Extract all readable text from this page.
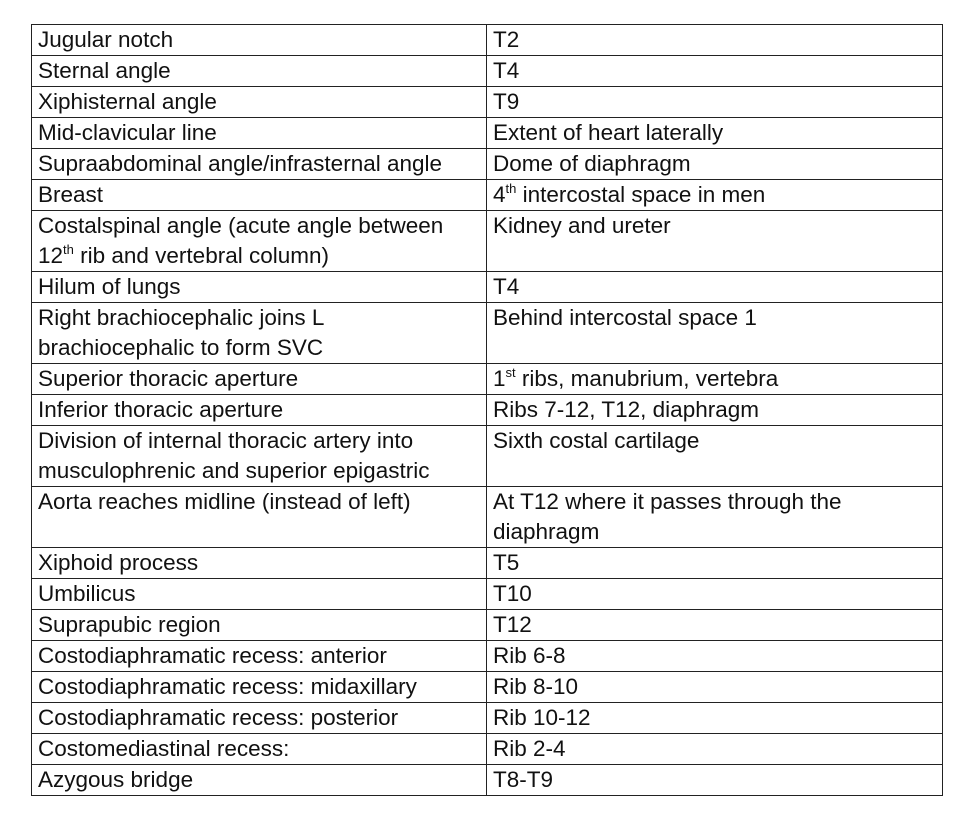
Jugular notch	T2
Sternal angle	T4
Xiphisternal angle	T9
Mid-clavicular line	Extent of heart laterally
Supraabdominal angle/infrasternal angle	Dome of diaphragm
Breast	4th intercostal space in men

Costalspinal angle (acute angle between
12th rib and vertebral column)	Kidney and ureter
Hilum of lungs	T4

Right brachiocephalic joins L
brachiocephalic to form SVC	Behind intercostal space 1
Superior thoracic aperture	1st ribs, manubrium, vertebra
Inferior thoracic aperture	Ribs 7-12, T12, diaphragm

Division of internal thoracic artery into
musculophrenic and superior epigastric	Sixth costal cartilage
Aorta reaches midline (instead of left)	At T12 where it passes through the
diaphragm

Xiphoid process	T5
Umbilicus	T10
Suprapubic region	T12
Costodiaphramatic recess: anterior	Rib 6-8
Costodiaphramatic recess: midaxillary	Rib 8-10
Costodiaphramatic recess: posterior	Rib 10-12
Costomediastinal recess:	Rib 2-4
Azygous bridge	T8-T9
